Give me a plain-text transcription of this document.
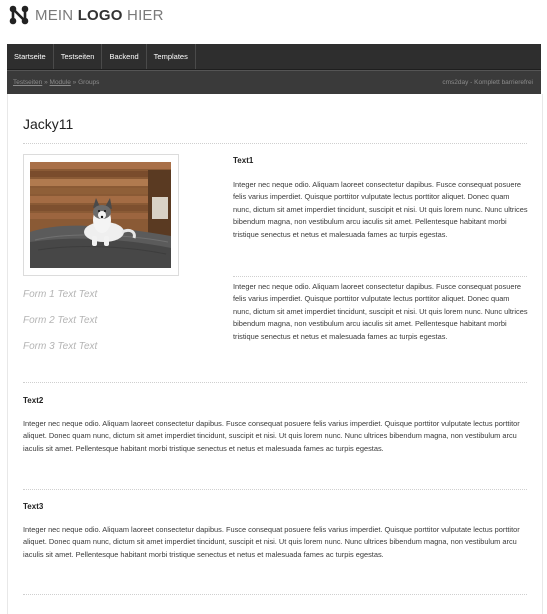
MEIN LOGO HIER
Startseite	Testseiten	Backend	Templates
Testseiten » Module » Groups	cms2day - Komplett barrierefrei
Jacky11
Form 1 Text Text
Form 2 Text Text
Form 3 Text Text
Text1

Integer nec neque odio. Aliquam laoreet consectetur dapibus. Fusce consequat posuere felis varius imperdiet. Quisque porttitor vulputate lectus porttitor aliquet. Donec quam nunc, dictum sit amet imperdiet tincidunt, suscipit et nisi. Ut quis lorem nunc. Nunc ultrices bibendum magna, non vestibulum arcu iaculis sit amet. Pellentesque habitant morbi tristique senectus et netus et malesuada fames ac turpis egestas.

Integer nec neque odio. Aliquam laoreet consectetur dapibus. Fusce consequat posuere felis varius imperdiet. Quisque porttitor vulputate lectus porttitor aliquet. Donec quam nunc, dictum sit amet imperdiet tincidunt, suscipit et nisi. Ut quis lorem nunc. Nunc ultrices bibendum magna, non vestibulum arcu iaculis sit amet. Pellentesque habitant morbi tristique senectus et netus et malesuada fames ac turpis egestas.

Text2

Integer nec neque odio. Aliquam laoreet consectetur dapibus. Fusce consequat posuere felis varius imperdiet. Quisque porttitor vulputate lectus porttitor aliquet. Donec quam nunc, dictum sit amet imperdiet tincidunt, suscipit et nisi. Ut quis lorem nunc. Nunc ultrices bibendum magna, non vestibulum arcu iaculis sit amet. Pellentesque habitant morbi tristique senectus et netus et malesuada fames ac turpis egestas.

Text3

Integer nec neque odio. Aliquam laoreet consectetur dapibus. Fusce consequat posuere felis varius imperdiet. Quisque porttitor vulputate lectus porttitor aliquet. Donec quam nunc, dictum sit amet imperdiet tincidunt, suscipit et nisi. Ut quis lorem nunc. Nunc ultrices bibendum magna, non vestibulum arcu iaculis sit amet. Pellentesque habitant morbi tristique senectus et netus et malesuada fames ac turpis egestas.
